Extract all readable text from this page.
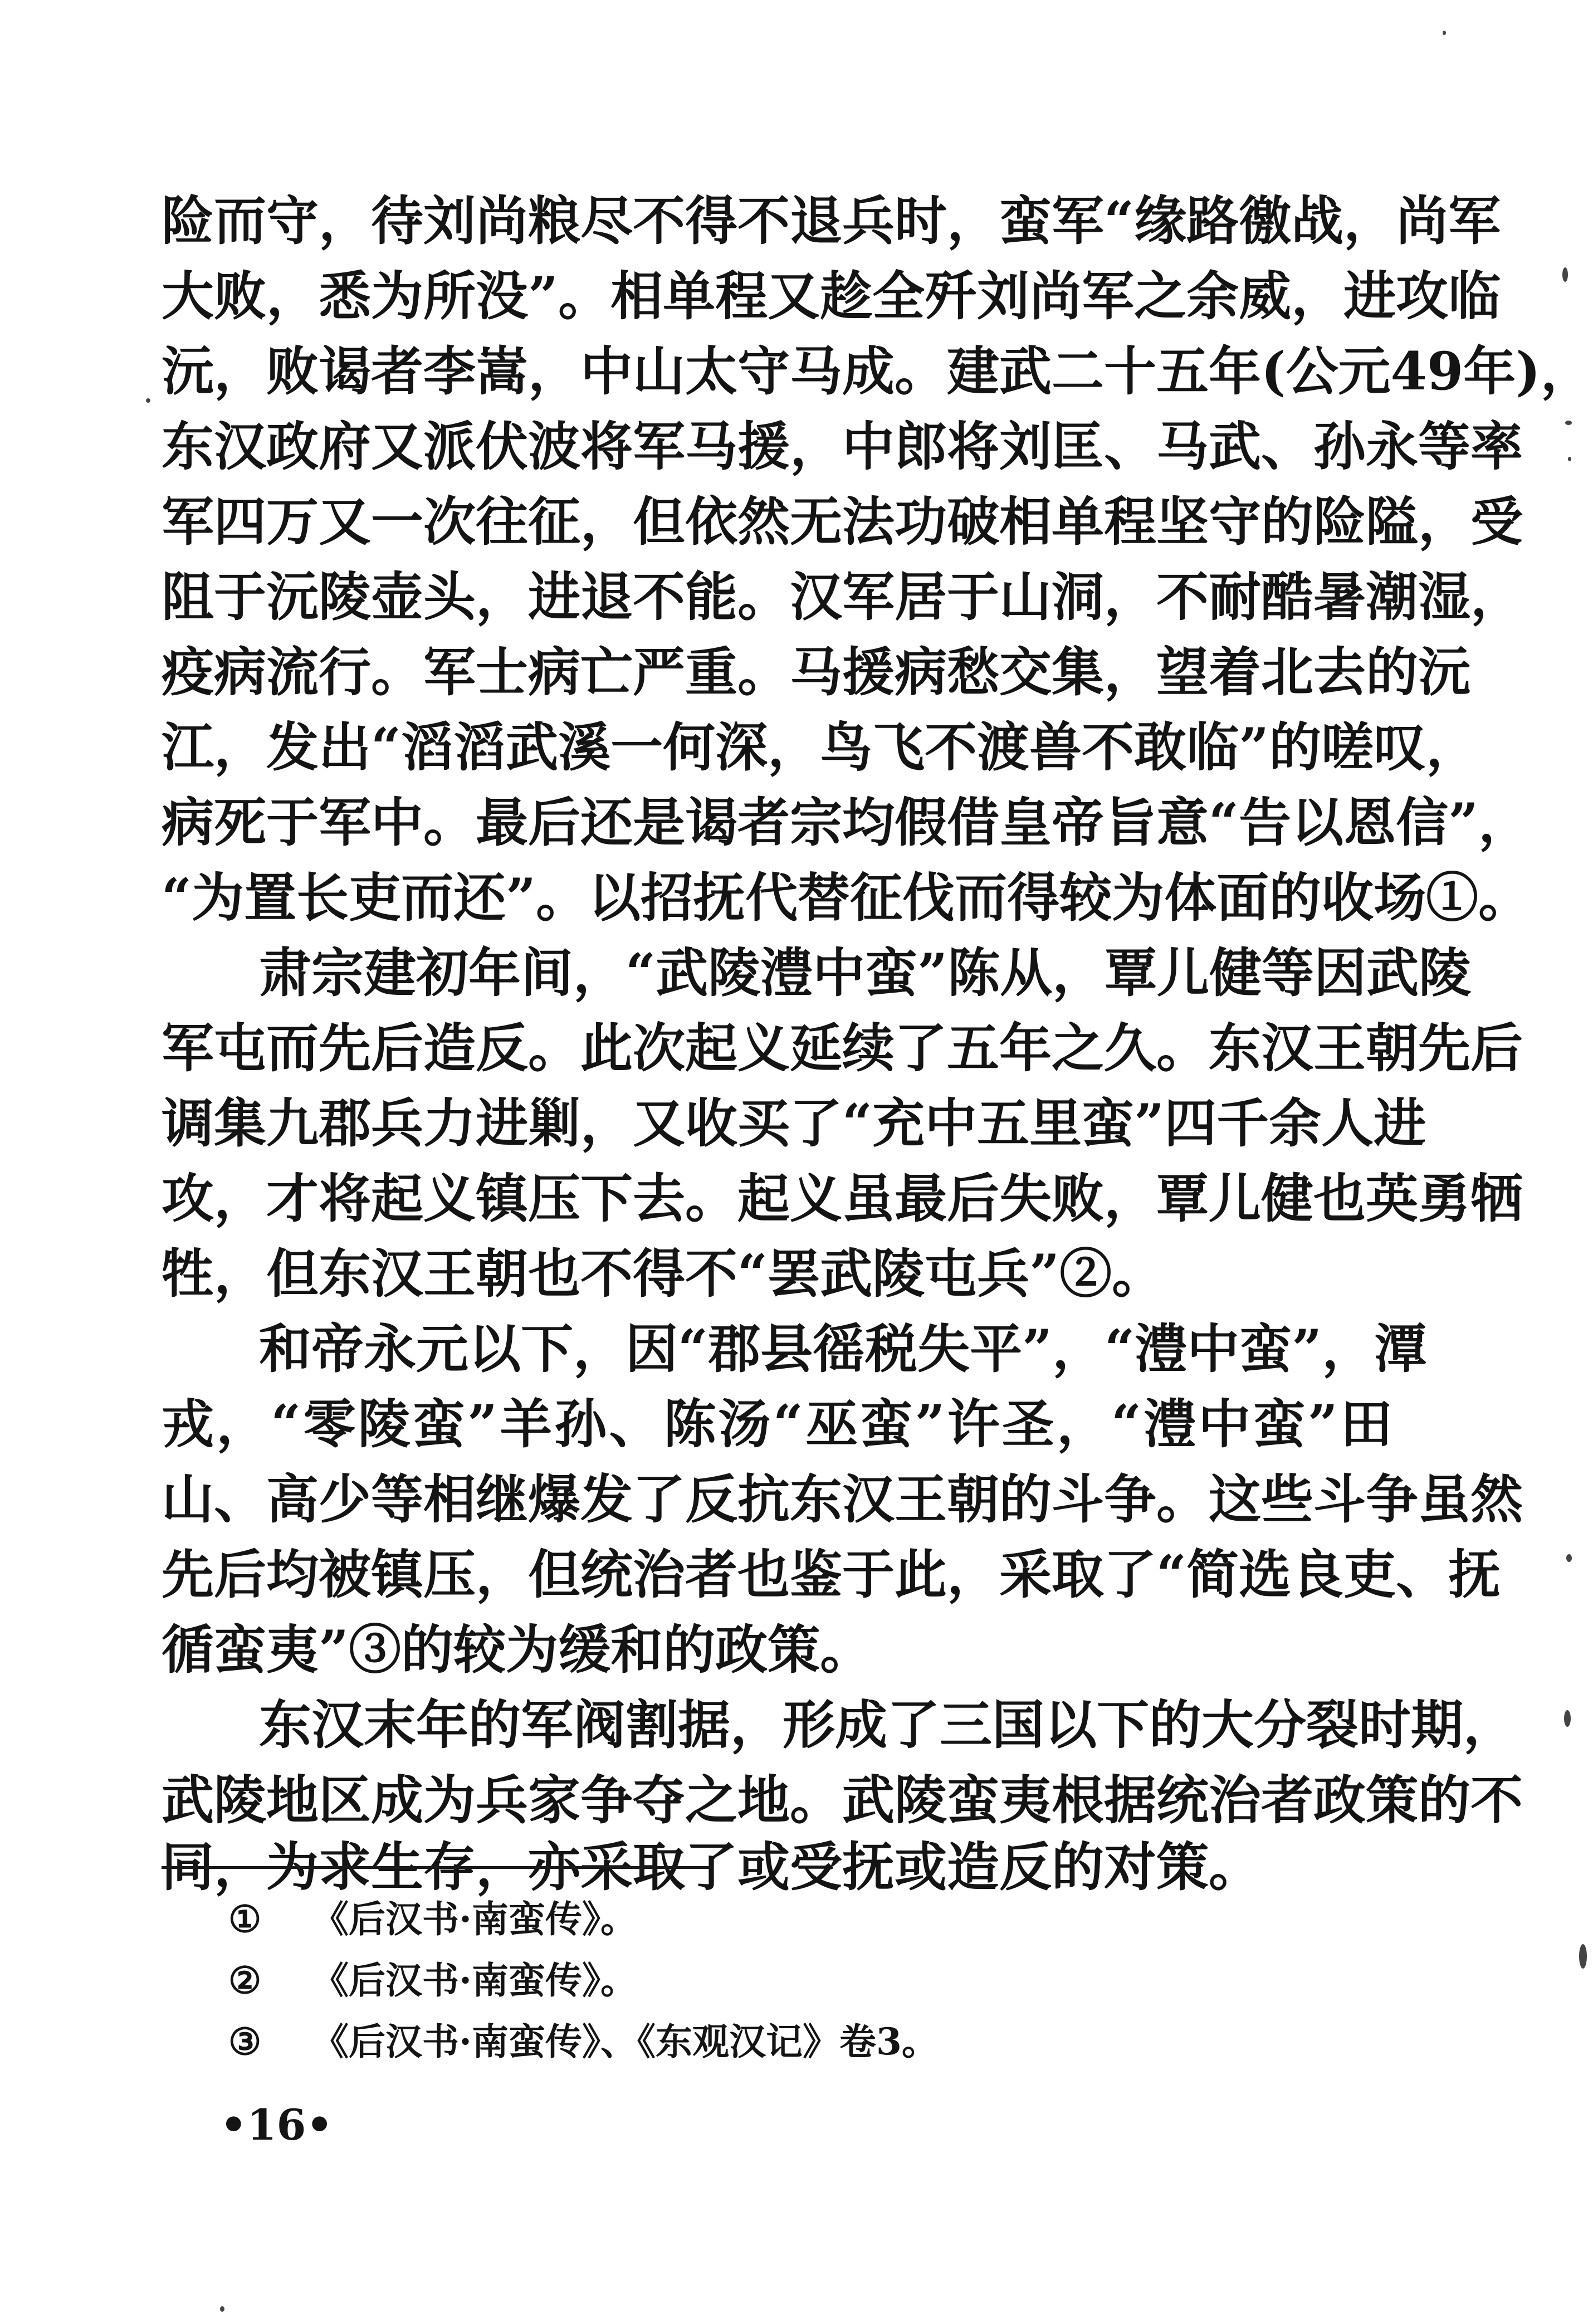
险而守，待刘尚粮尽不得不退兵时，蛮军“缘路徼战，尚军
大败，悉为所没”。相单程又趁全歼刘尚军之余威，进攻临
沅，败谒者李嵩，中山太守马成。建武二十五年(公元49年)，
东汉政府又派伏波将军马援，中郎将刘匡、马武、孙永等率
军四万又一次往征，但依然无法功破相单程坚守的险隘，受
阻于沅陵壶头，进退不能。汉军居于山洞，不耐酷暑潮湿，
疫病流行。军士病亡严重。马援病愁交集，望着北去的沅
江，发出“滔滔武溪一何深，鸟飞不渡兽不敢临”的嗟叹，
病死于军中。最后还是谒者宗均假借皇帝旨意“告以恩信”，
“为置长吏而还”。以招抚代替征伐而得较为体面的收场①。
肃宗建初年间，“武陵澧中蛮”陈从，覃儿健等因武陵
军屯而先后造反。此次起义延续了五年之久。东汉王朝先后
调集九郡兵力进剿，又收买了“充中五里蛮”四千余人进
攻，才将起义镇压下去。起义虽最后失败，覃儿健也英勇牺
牲，但东汉王朝也不得不“罢武陵屯兵”②。
和帝永元以下，因“郡县徭税失平”，“澧中蛮”，潭
戎，“零陵蛮”羊孙、陈汤“巫蛮”许圣，“澧中蛮”田
山、高少等相继爆发了反抗东汉王朝的斗争。这些斗争虽然
先后均被镇压，但统治者也鉴于此，采取了“简选良吏、抚
循蛮夷”③的较为缓和的政策。
东汉末年的军阀割据，形成了三国以下的大分裂时期，
武陵地区成为兵家争夺之地。武陵蛮夷根据统治者政策的不
同，为求生存，亦采取了或受抚或造反的对策。
① 《后汉书·南蛮传》。
② 《后汉书·南蛮传》。
③ 《后汉书·南蛮传》、《东观汉记》卷3。
•16•
